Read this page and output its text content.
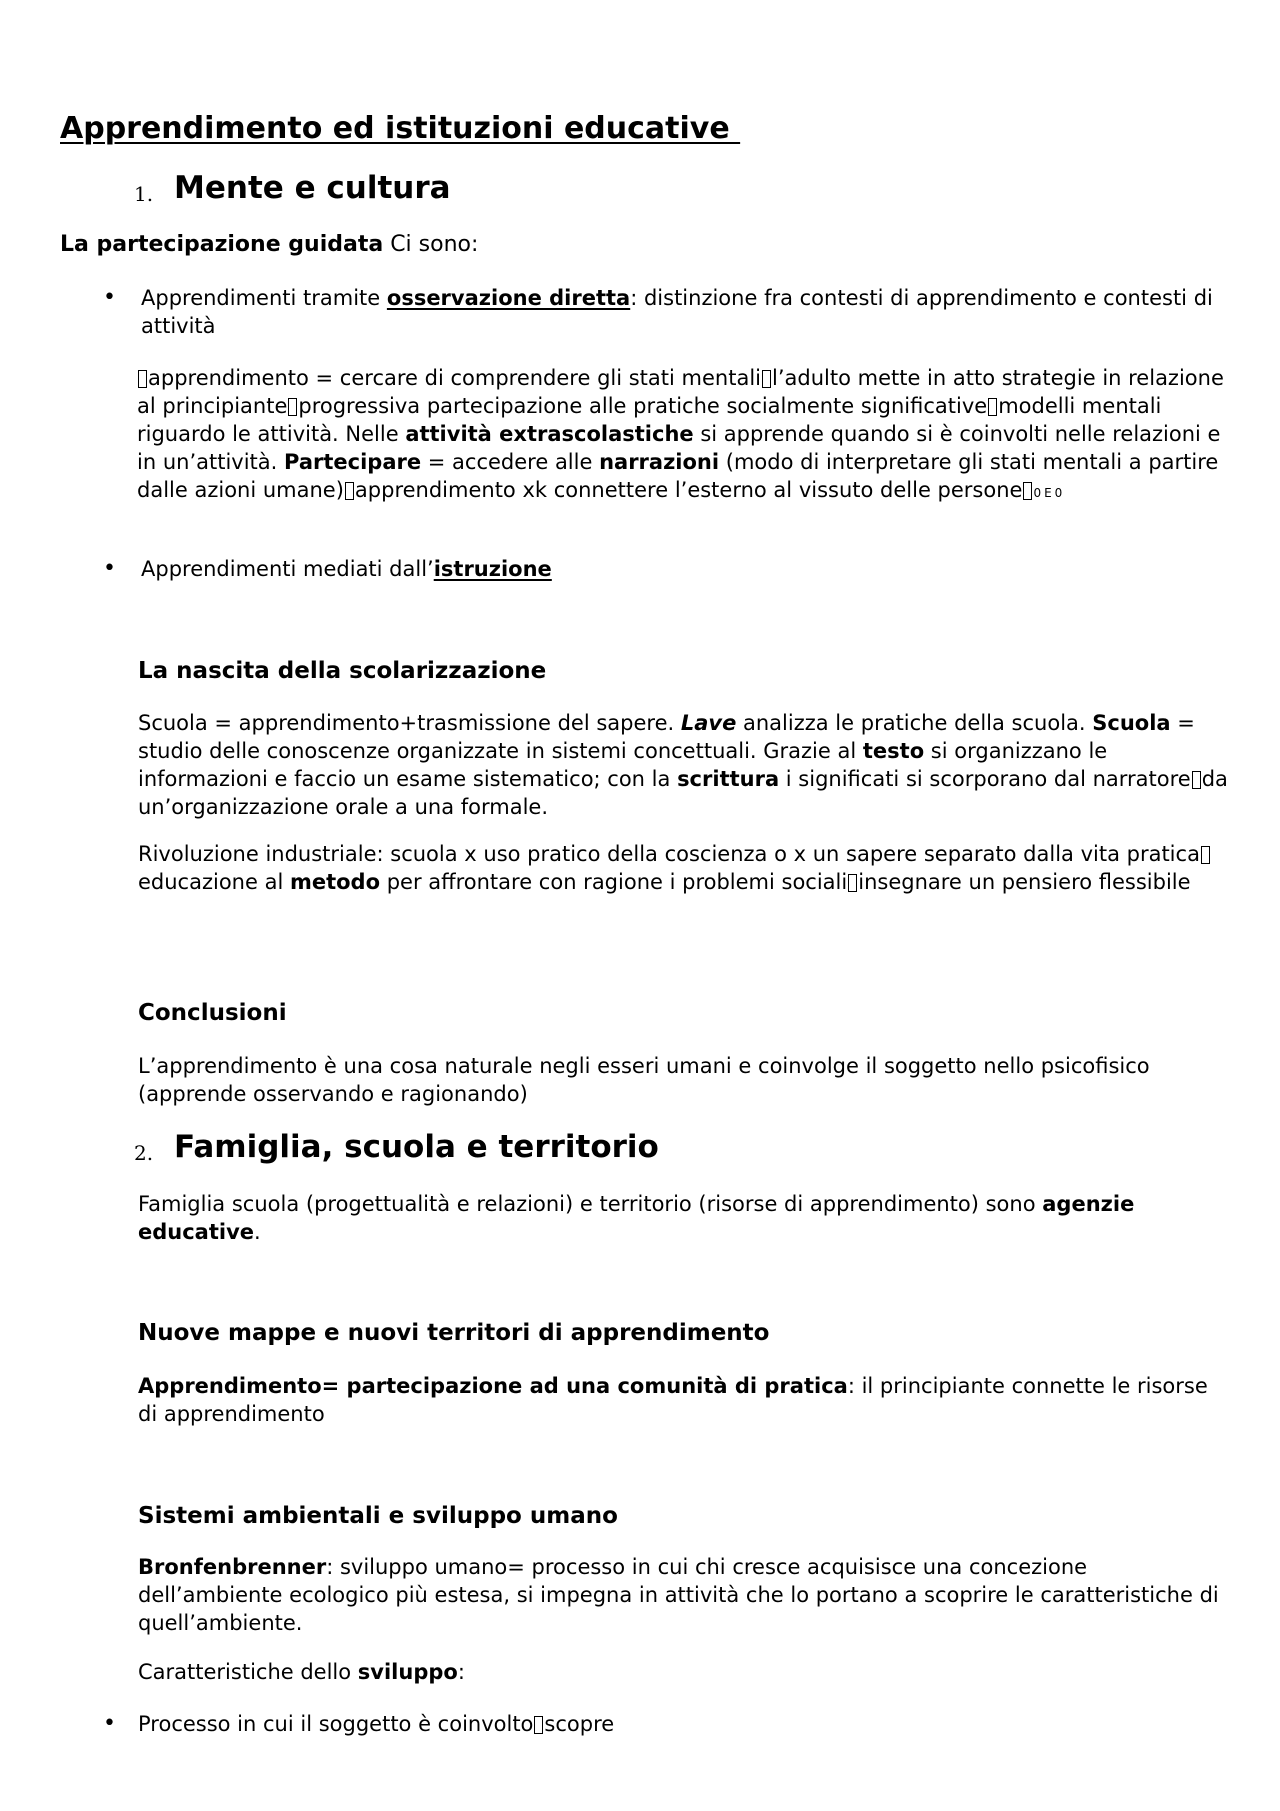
Apprendimento ed istituzioni educative
1. Mente e cultura

La partecipazione guidata Ci sono:

• Apprendimenti tramite osservazione diretta: distinzione fra contesti di apprendimento e contesti di attività

apprendimento = cercare di comprendere gli stati mentali l’adulto mette in atto strategie in relazione al principiante progressiva partecipazione alle pratiche socialmente significative modelli mentali riguardo le attività. Nelle attività extrascolastiche si apprende quando si è coinvolti nelle relazioni e in un’attività. Partecipare = accedere alle narrazioni (modo di interpretare gli stati mentali a partire dalle azioni umane) apprendimento xk connettere l’esterno al vissuto delle persone 0E0

• Apprendimenti mediati dall’istruzione
La nascita della scolarizzazione

Scuola = apprendimento+trasmissione del sapere. Lave analizza le pratiche della scuola. Scuola = studio delle conoscenze organizzate in sistemi concettuali. Grazie al testo si organizzano le informazioni e faccio un esame sistematico; con la scrittura i significati si scorporano dal narratore da un’organizzazione orale a una formale.

Rivoluzione industriale: scuola x uso pratico della coscienza o x un sapere separato dalla vita praticaeducazione al metodo per affrontare con ragione i problemi sociali insegnare un pensiero flessibile

Conclusioni

L’apprendimento è una cosa naturale negli esseri umani e coinvolge il soggetto nello psicofisico (apprende osservando e ragionando)

2. Famiglia, scuola e territorio

Famiglia scuola (progettualità e relazioni) e territorio (risorse di apprendimento) sono agenzie educative.

Nuove mappe e nuovi territori di apprendimento

Apprendimento= partecipazione ad una comunità di pratica: il principiante connette le risorse di apprendimento

Sistemi ambientali e sviluppo umano

Bronfenbrenner: sviluppo umano= processo in cui chi cresce acquisisce una concezione dell’ambiente ecologico più estesa, si impegna in attività che lo portano a scoprire le caratteristiche di quell’ambiente.

Caratteristiche dello sviluppo:

• Processo in cui il soggetto è coinvolto scopre
